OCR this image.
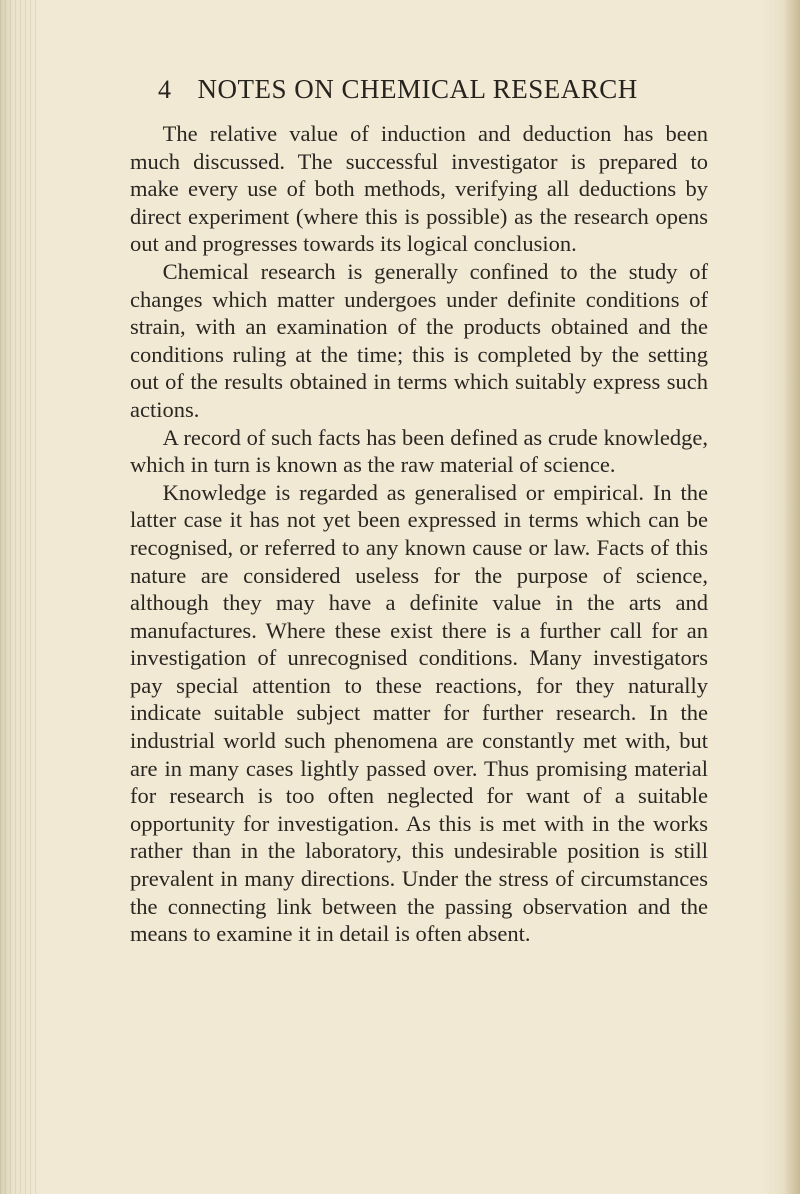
4 NOTES ON CHEMICAL RESEARCH

The relative value of induction and deduction has been much discussed. The successful investigator is prepared to make every use of both methods, verifying all deductions by direct experiment (where this is possible) as the research opens out and progresses towards its logical conclusion.

Chemical research is generally confined to the study of changes which matter undergoes under definite conditions of strain, with an examination of the products obtained and the conditions ruling at the time; this is completed by the setting out of the results obtained in terms which suitably express such actions.

A record of such facts has been defined as crude knowledge, which in turn is known as the raw material of science.

Knowledge is regarded as generalised or empirical. In the latter case it has not yet been expressed in terms which can be recognised, or referred to any known cause or law. Facts of this nature are considered useless for the purpose of science, although they may have a definite value in the arts and manufactures. Where these exist there is a further call for an investigation of unrecognised conditions. Many investigators pay special attention to these reactions, for they naturally indicate suitable subject matter for further research. In the industrial world such phenomena are constantly met with, but are in many cases lightly passed over. Thus promising material for research is too often neglected for want of a suitable opportunity for investigation. As this is met with in the works rather than in the laboratory, this undesirable position is still prevalent in many directions. Under the stress of circumstances the connecting link between the passing observation and the means to examine it in detail is often absent.
